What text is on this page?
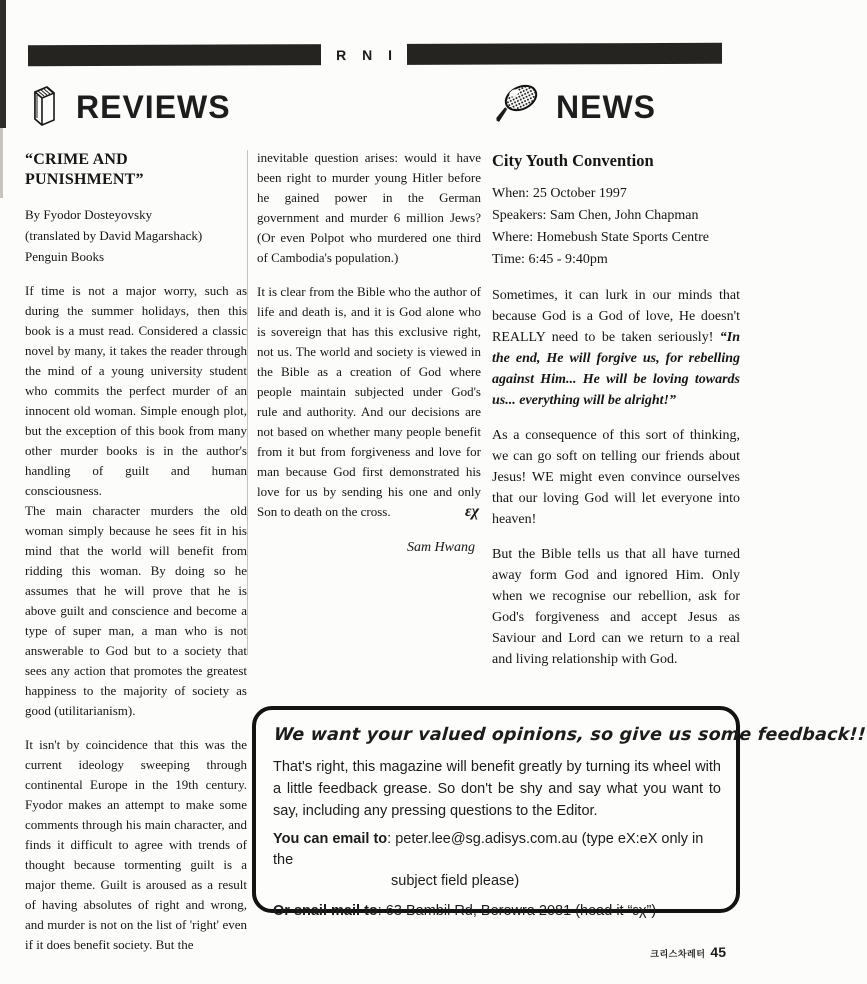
R N I
REVIEWS	NEWS
“CRIME AND PUNISHMENT”
By Fyodor Dosteyovsky
(translated by David Magarshack)
Penguin Books

If time is not a major worry, such as during the summer holidays, then this book is a must read. Considered a classic novel by many, it takes the reader through the mind of a young university student who commits the perfect murder of an innocent old woman. Simple enough plot, but the exception of this book from many other murder books is in the author's handling of guilt and human consciousness.

The main character murders the old woman simply because he sees fit in his mind that the world will benefit from ridding this woman. By doing so he assumes that he will prove that he is above guilt and conscience and become a type of super man, a man who is not answerable to God but to a society that sees any action that promotes the greatest happiness to the majority of society as good (utilitarianism).

It isn't by coincidence that this was the current ideology sweeping through continental Europe in the 19th century. Fyodor makes an attempt to make some comments through his main character, and finds it difficult to agree with trends of thought because tormenting guilt is a major theme. Guilt is aroused as a result of having absolutes of right and wrong, and murder is not on the list of 'right' even if it does benefit society. But the

inevitable question arises: would it have been right to murder young Hitler before he gained power in the German government and murder 6 million Jews? (Or even Polpot who murdered one third of Cambodia's population.)

It is clear from the Bible who the author of life and death is, and it is God alone who is sovereign that has this exclusive right, not us. The world and society is viewed in the Bible as a creation of God where people maintain subjected under God's rule and authority. And our decisions are not based on whether many people benefit from it but from forgiveness and love for man because God first demonstrated his love for us by sending his one and only Son to death on the cross.	εχ

Sam Hwang
City Youth Convention
When: 25 October 1997
Speakers: Sam Chen, John Chapman
Where: Homebush State Sports Centre
Time: 6:45 - 9:40pm

Sometimes, it can lurk in our minds that because God is a God of love, He doesn't REALLY need to be taken seriously! “In the end, He will forgive us, for rebelling against Him... He will be loving towards us... everything will be alright!”

As a consequence of this sort of thinking, we can go soft on telling our friends about Jesus! WE might even convince ourselves that our loving God will let everyone into heaven!

But the Bible tells us that all have turned away form God and ignored Him. Only when we recognise our rebellion, ask for God's forgiveness and accept Jesus as Saviour and Lord can we return to a real and living relationship with God.

We want your valued opinions, so give us some feedback!!
That's right, this magazine will benefit greatly by turning its wheel with a little feedback grease. So don't be shy and say what you want to say, including any pressing questions to the Editor.
You can email to: peter.lee@sg.adisys.com.au (type eX:eX only in the
subject field please)
Or snail mail to: 63 Bambil Rd, Berowra 2081 (head it “εχ”)
크리스차레터 45
